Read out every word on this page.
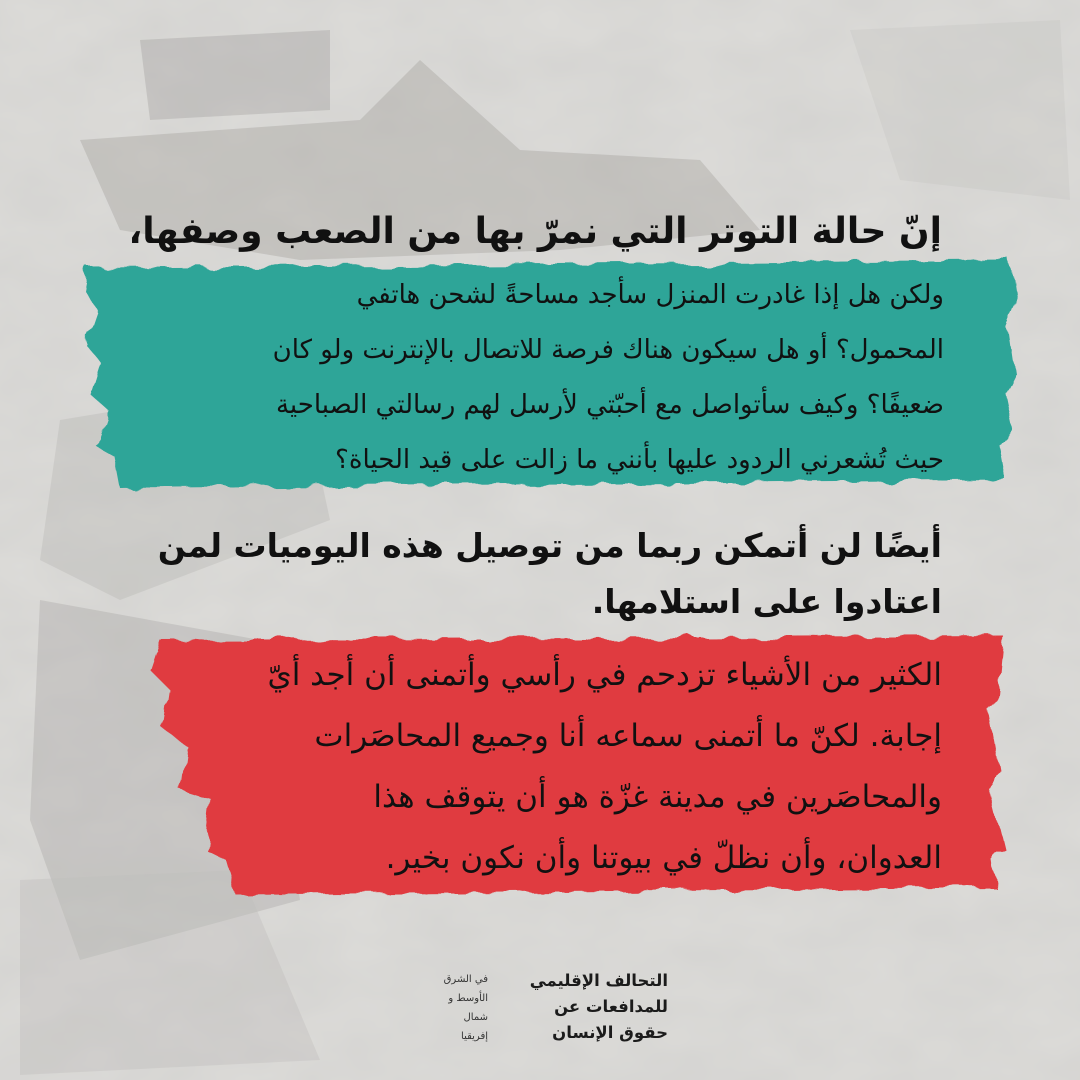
إنّ حالة التوتر التي نمرّ بها من الصعب وصفها،
ولكن هل إذا غادرت المنزل سأجد مساحةً لشحن هاتفي
المحمول؟ أو هل سيكون هناك فرصة للاتصال بالإنترنت ولو كان
ضعيفًا؟ وكيف سأتواصل مع أحبّتي لأرسل لهم رسالتي الصباحية
حيث تُشعرني الردود عليها بأنني ما زالت على قيد الحياة؟
أيضًا لن أتمكن ربما من توصيل هذه اليوميات لمن
اعتادوا على استلامها.
الكثير من الأشياء تزدحم في رأسي وأتمنى أن أجد أيّ
إجابة. لكنّ ما أتمنى سماعه أنا وجميع المحاصَرات
والمحاصَرين في مدينة غزّة هو أن يتوقف هذا
العدوان، وأن نظلّ في بيوتنا وأن نكون بخير.
التحالف الإقليمي
للمدافعات عن
حقوق الإنسان
في الشرق
الأوسط و
شمال
إفريقيا
